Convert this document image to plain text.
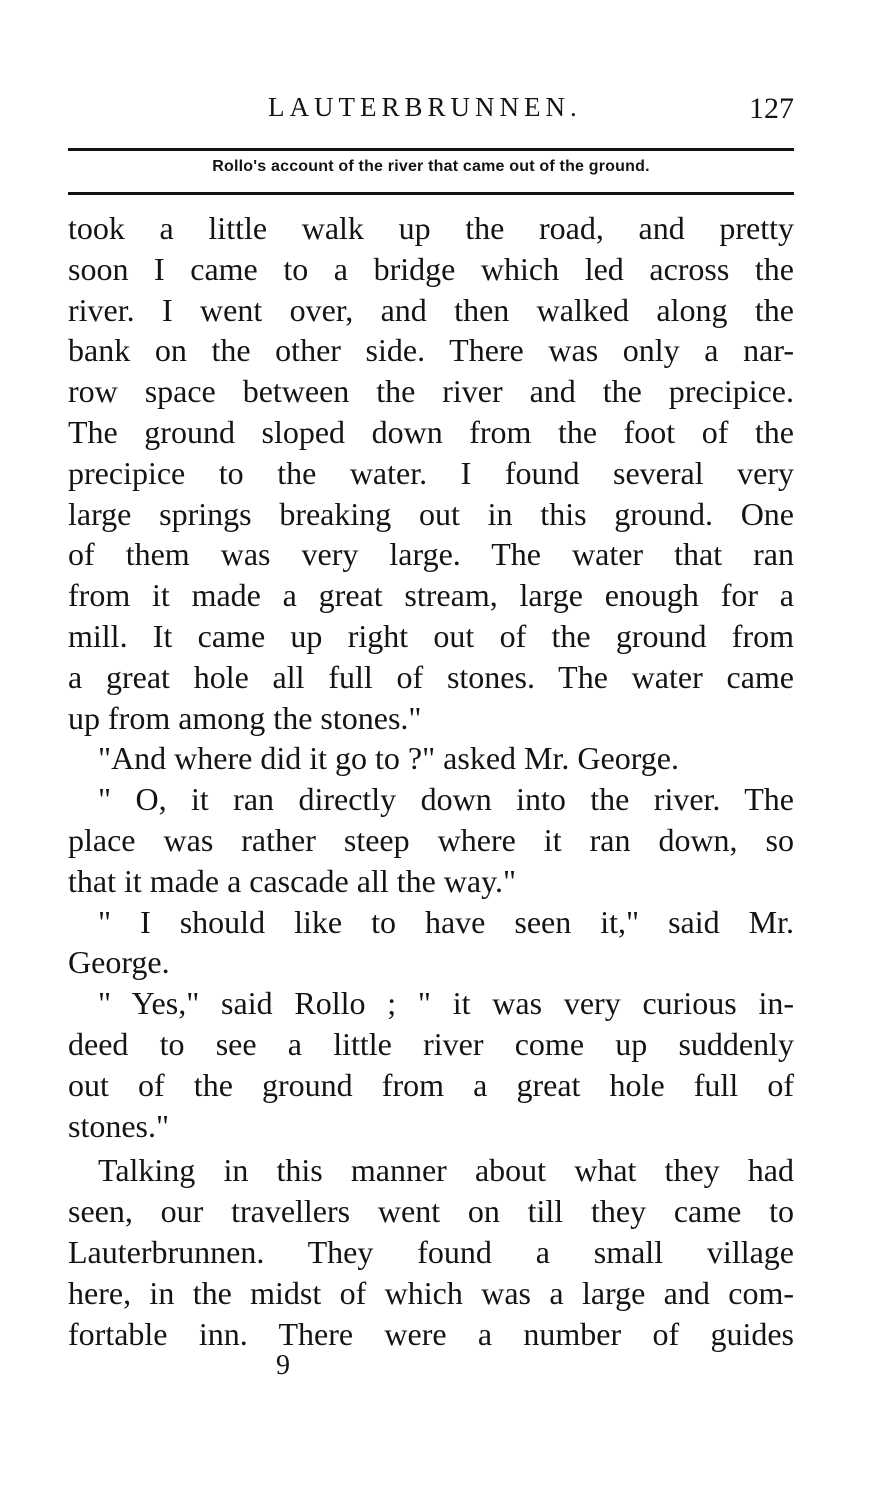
LAUTERBRUNNEN.	127
Rollo's account of the river that came out of the ground.
took a little walk up the road, and pretty
soon I came to a bridge which led across the
river. I went over, and then walked along the
bank on the other side. There was only a nar-
row space between the river and the precipice.
The ground sloped down from the foot of the
precipice to the water. I found several very
large springs breaking out in this ground. One
of them was very large. The water that ran
from it made a great stream, large enough for a
mill. It came up right out of the ground from
a great hole all full of stones. The water came
up from among the stones."
"And where did it go to ?" asked Mr. George.
" O, it ran directly down into the river. The
place was rather steep where it ran down, so
that it made a cascade all the way."
" I should like to have seen it," said Mr.
George.
" Yes," said Rollo ; " it was very curious in-
deed to see a little river come up suddenly
out of the ground from a great hole full of
stones."
Talking in this manner about what they had
seen, our travellers went on till they came to
Lauterbrunnen. They found a small village
here, in the midst of which was a large and com-
fortable inn. There were a number of guides
9
